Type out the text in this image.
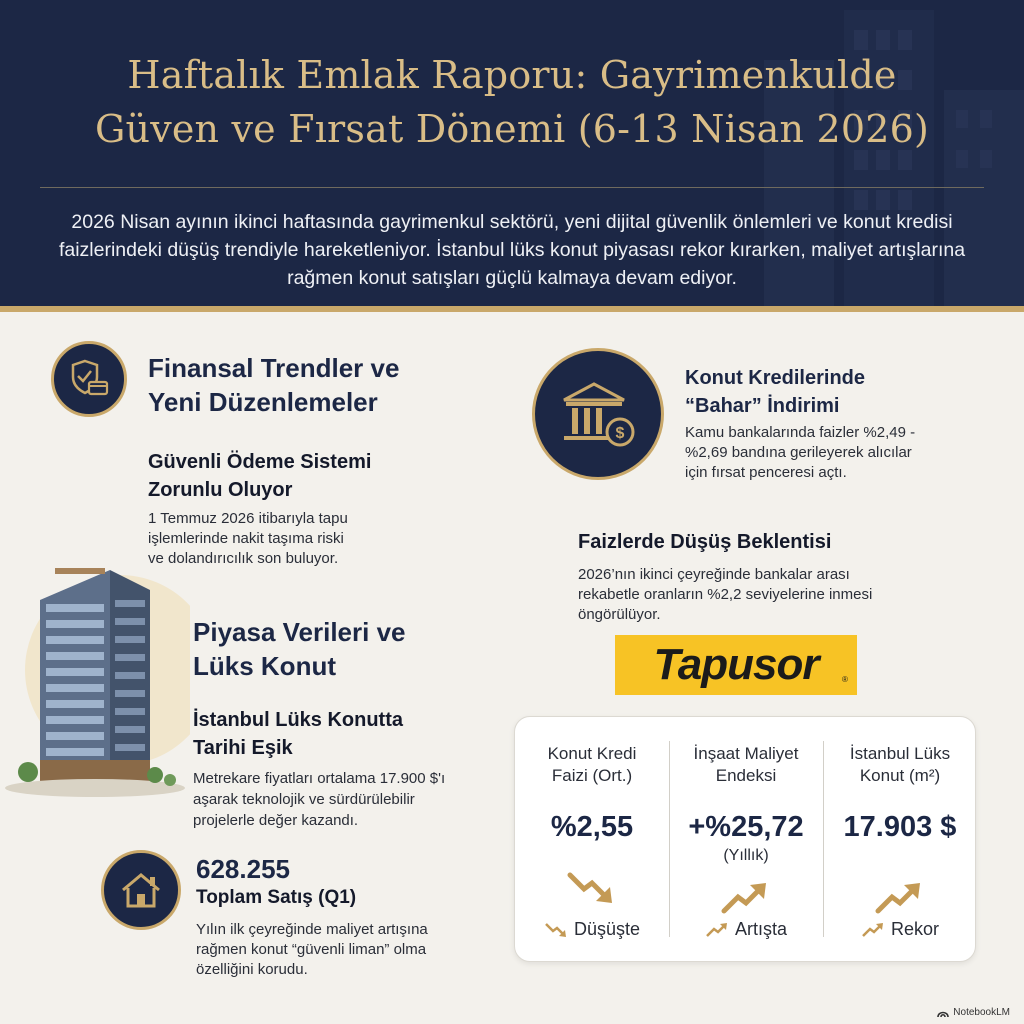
Haftalık Emlak Raporu: Gayrimenkulde
Güven ve Fırsat Dönemi (6-13 Nisan 2026)
2026 Nisan ayının ikinci haftasında gayrimenkul sektörü, yeni dijital güvenlik önlemleri ve konut kredisi faizlerindeki düşüş trendiyle hareketleniyor. İstanbul lüks konut piyasası rekor kırarken, maliyet artışlarına rağmen konut satışları güçlü kalmaya devam ediyor.
Finansal Trendler ve
Yeni Düzenlemeler
Güvenli Ödeme Sistemi
Zorunlu Oluyor
1 Temmuz 2026 itibarıyla tapu
işlemlerinde nakit taşıma riski
ve dolandırıcılık son buluyor.
Piyasa Verileri ve
Lüks Konut
İstanbul Lüks Konutta
Tarihi Eşik
Metrekare fiyatları ortalama 17.900 $'ı
aşarak teknolojik ve sürdürülebilir
projelerle değer kazandı.
628.255
Toplam Satış (Q1)
Yılın ilk çeyreğinde maliyet artışına
rağmen konut “güvenli liman” olma
özelliğini korudu.
$
Konut Kredilerinde
“Bahar” İndirimi
Kamu bankalarında faizler %2,49 -
%2,69 bandına gerileyerek alıcılar
için fırsat penceresi açtı.
Faizlerde Düşüş Beklentisi
2026’nın ikinci çeyreğinde bankalar arası
rekabetle oranların %2,2 seviyelerine inmesi
öngörülüyor.
Tapusor	®
Konut Kredi
Faizi (Ort.)
%2,55
Düşüşte
İnşaat Maliyet
Endeksi
+%25,72
(Yıllık)
Artışta
İstanbul Lüks
Konut (m²)
17.903 $
Rekor
NotebookLM
